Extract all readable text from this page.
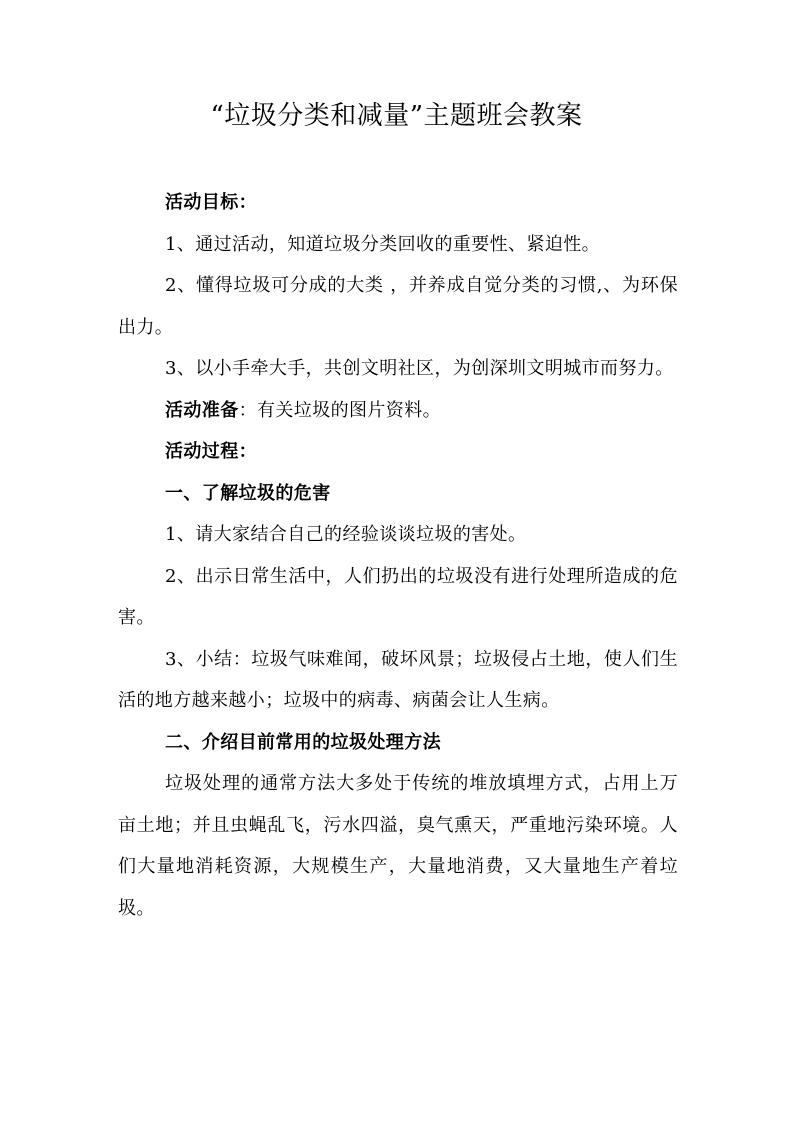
“垃圾分类和减量”主题班会教案

活动目标：

1、通过活动，知道垃圾分类回收的重要性、紧迫性。

2、懂得垃圾可分成的大类 ，并养成自觉分类的习惯,、为环保出力。

3、以小手牵大手，共创文明社区，为创深圳文明城市而努力。

活动准备：有关垃圾的图片资料。

活动过程：

一、了解垃圾的危害

1、请大家结合自己的经验谈谈垃圾的害处。

2、出示日常生活中，人们扔出的垃圾没有进行处理所造成的危害。

3、小结：垃圾气味难闻，破坏风景；垃圾侵占土地，使人们生活的地方越来越小；垃圾中的病毒、病菌会让人生病。

二、介绍目前常用的垃圾处理方法

垃圾处理的通常方法大多处于传统的堆放填埋方式，占用上万亩土地；并且虫蝇乱飞，污水四溢，臭气熏天，严重地污染环境。人们大量地消耗资源，大规模生产，大量地消费，又大量地生产着垃圾。
